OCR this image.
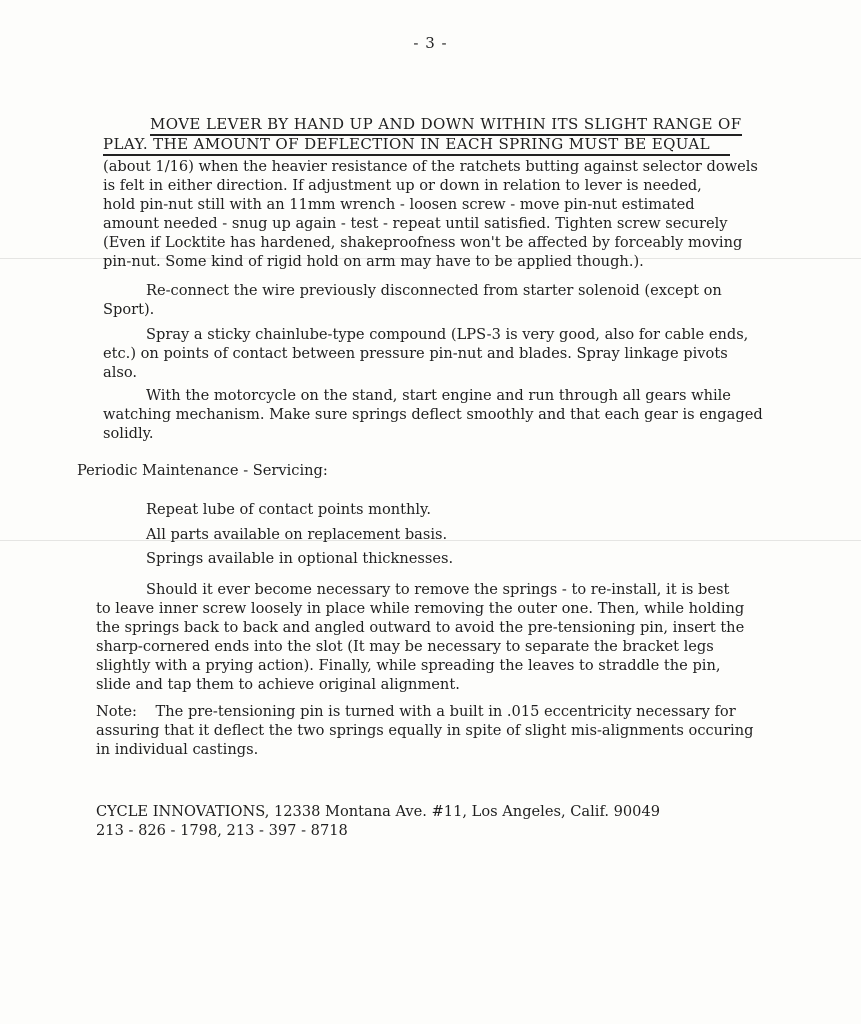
- 3 -
MOVE LEVER BY HAND UP AND DOWN WITHIN ITS SLIGHT RANGE OF
PLAY. THE AMOUNT OF DEFLECTION IN EACH SPRING MUST BE EQUAL
(about 1/16) when the heavier resistance of the ratchets butting against selector dowels
is felt in either direction. If adjustment up or down in relation to lever is needed,
hold pin-nut still with an 11mm wrench - loosen screw - move pin-nut estimated
amount needed - snug up again - test - repeat until satisfied. Tighten screw securely
(Even if Locktite has hardened, shakeproofness won't be affected by forceably moving
pin-nut. Some kind of rigid hold on arm may have to be applied though.).
Re-connect the wire previously disconnected from starter solenoid (except on
Sport).
Spray a sticky chainlube-type compound (LPS-3 is very good, also for cable ends,
etc.) on points of contact between pressure pin-nut and blades. Spray linkage pivots
also.
With the motorcycle on the stand, start engine and run through all gears while
watching mechanism. Make sure springs deflect smoothly and that each gear is engaged
solidly.
Periodic Maintenance - Servicing:
Repeat lube of contact points monthly.
All parts available on replacement basis.
Springs available in optional thicknesses.
Should it ever become necessary to remove the springs - to re-install, it is best
to leave inner screw loosely in place while removing the outer one. Then, while holding
the springs back to back and angled outward to avoid the pre-tensioning pin, insert the
sharp-cornered ends into the slot (It may be necessary to separate the bracket legs
slightly with a prying action). Finally, while spreading the leaves to straddle the pin,
slide and tap them to achieve original alignment.
Note:    The pre-tensioning pin is turned with a built in .015 eccentricity necessary for
assuring that it deflect the two springs equally in spite of slight mis-alignments occuring
in individual castings.
CYCLE INNOVATIONS, 12338 Montana Ave. #11, Los Angeles, Calif. 90049
213 - 826 - 1798, 213 - 397 - 8718
